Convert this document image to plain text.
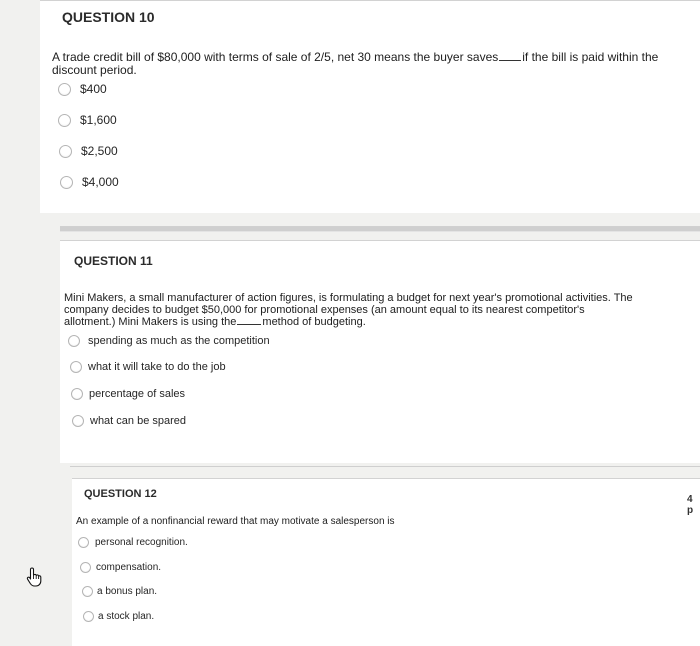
QUESTION 10
A trade credit bill of $80,000 with terms of sale of 2/5, net 30 means the buyer saves if the bill is paid within the
discount period.
$400
$1,600
$2,500
$4,000
QUESTION 11
Mini Makers, a small manufacturer of action figures, is formulating a budget for next year's promotional activities. The
company decides to budget $50,000 for promotional expenses (an amount equal to its nearest competitor's
allotment.) Mini Makers is using the method of budgeting.
spending as much as the competition
what it will take to do the job
percentage of sales
what can be spared
QUESTION 12
An example of a nonfinancial reward that may motivate a salesperson is
personal recognition.
compensation.
a bonus plan.
a stock plan.
4 p
